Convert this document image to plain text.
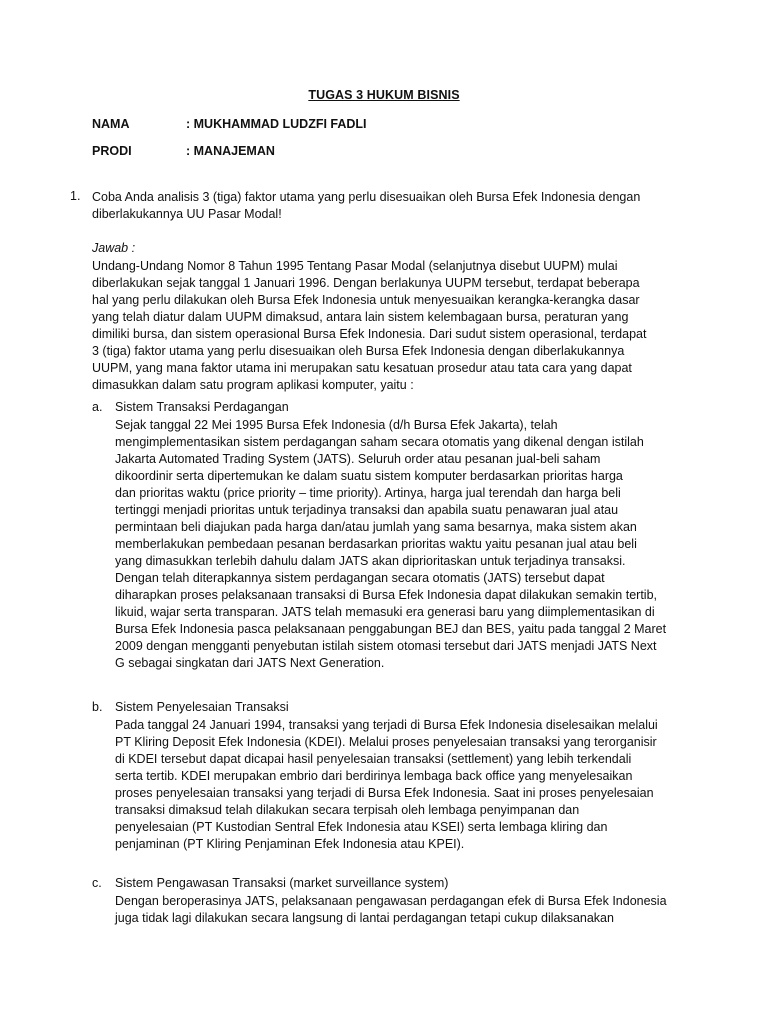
TUGAS 3 HUKUM BISNIS
NAMA	: MUKHAMMAD LUDZFI FADLI
PRODI	: MANAJEMAN
1. Coba Anda analisis 3 (tiga) faktor utama yang perlu disesuaikan oleh Bursa Efek Indonesia dengan
diberlakukannya UU Pasar Modal!
Jawab :
Undang-Undang Nomor 8 Tahun 1995 Tentang Pasar Modal (selanjutnya disebut UUPM) mulai
diberlakukan sejak tanggal 1 Januari 1996. Dengan berlakunya UUPM tersebut, terdapat beberapa
hal yang perlu dilakukan oleh Bursa Efek Indonesia untuk menyesuaikan kerangka-kerangka dasar
yang telah diatur dalam UUPM dimaksud, antara lain sistem kelembagaan bursa, peraturan yang
dimiliki bursa, dan sistem operasional Bursa Efek Indonesia. Dari sudut sistem operasional, terdapat
3 (tiga) faktor utama yang perlu disesuaikan oleh Bursa Efek Indonesia dengan diberlakukannya
UUPM, yang mana faktor utama ini merupakan satu kesatuan prosedur atau tata cara yang dapat
dimasukkan dalam satu program aplikasi komputer, yaitu :
a. Sistem Transaksi Perdagangan
Sejak tanggal 22 Mei 1995 Bursa Efek Indonesia (d/h Bursa Efek Jakarta), telah
mengimplementasikan sistem perdagangan saham secara otomatis yang dikenal dengan istilah
Jakarta Automated Trading System (JATS). Seluruh order atau pesanan jual-beli saham
dikoordinir serta dipertemukan ke dalam suatu sistem komputer berdasarkan prioritas harga
dan prioritas waktu (price priority – time priority). Artinya, harga jual terendah dan harga beli
tertinggi menjadi prioritas untuk terjadinya transaksi dan apabila suatu penawaran jual atau
permintaan beli diajukan pada harga dan/atau jumlah yang sama besarnya, maka sistem akan
memberlakukan pembedaan pesanan berdasarkan prioritas waktu yaitu pesanan jual atau beli
yang dimasukkan terlebih dahulu dalam JATS akan diprioritaskan untuk terjadinya transaksi.
Dengan telah diterapkannya sistem perdagangan secara otomatis (JATS) tersebut dapat
diharapkan proses pelaksanaan transaksi di Bursa Efek Indonesia dapat dilakukan semakin tertib,
likuid, wajar serta transparan. JATS telah memasuki era generasi baru yang diimplementasikan di
Bursa Efek Indonesia pasca pelaksanaan penggabungan BEJ dan BES, yaitu pada tanggal 2 Maret
2009 dengan mengganti penyebutan istilah sistem otomasi tersebut dari JATS menjadi JATS Next
G sebagai singkatan dari JATS Next Generation.
b. Sistem Penyelesaian Transaksi
Pada tanggal 24 Januari 1994, transaksi yang terjadi di Bursa Efek Indonesia diselesaikan melalui
PT Kliring Deposit Efek Indonesia (KDEI). Melalui proses penyelesaian transaksi yang terorganisir
di KDEI tersebut dapat dicapai hasil penyelesaian transaksi (settlement) yang lebih terkendali
serta tertib. KDEI merupakan embrio dari berdirinya lembaga back office yang menyelesaikan
proses penyelesaian transaksi yang terjadi di Bursa Efek Indonesia. Saat ini proses penyelesaian
transaksi dimaksud telah dilakukan secara terpisah oleh lembaga penyimpanan dan
penyelesaian (PT Kustodian Sentral Efek Indonesia atau KSEI) serta lembaga kliring dan
penjaminan (PT Kliring Penjaminan Efek Indonesia atau KPEI).
c. Sistem Pengawasan Transaksi (market surveillance system)
Dengan beroperasinya JATS, pelaksanaan pengawasan perdagangan efek di Bursa Efek Indonesia
juga tidak lagi dilakukan secara langsung di lantai perdagangan tetapi cukup dilaksanakan
